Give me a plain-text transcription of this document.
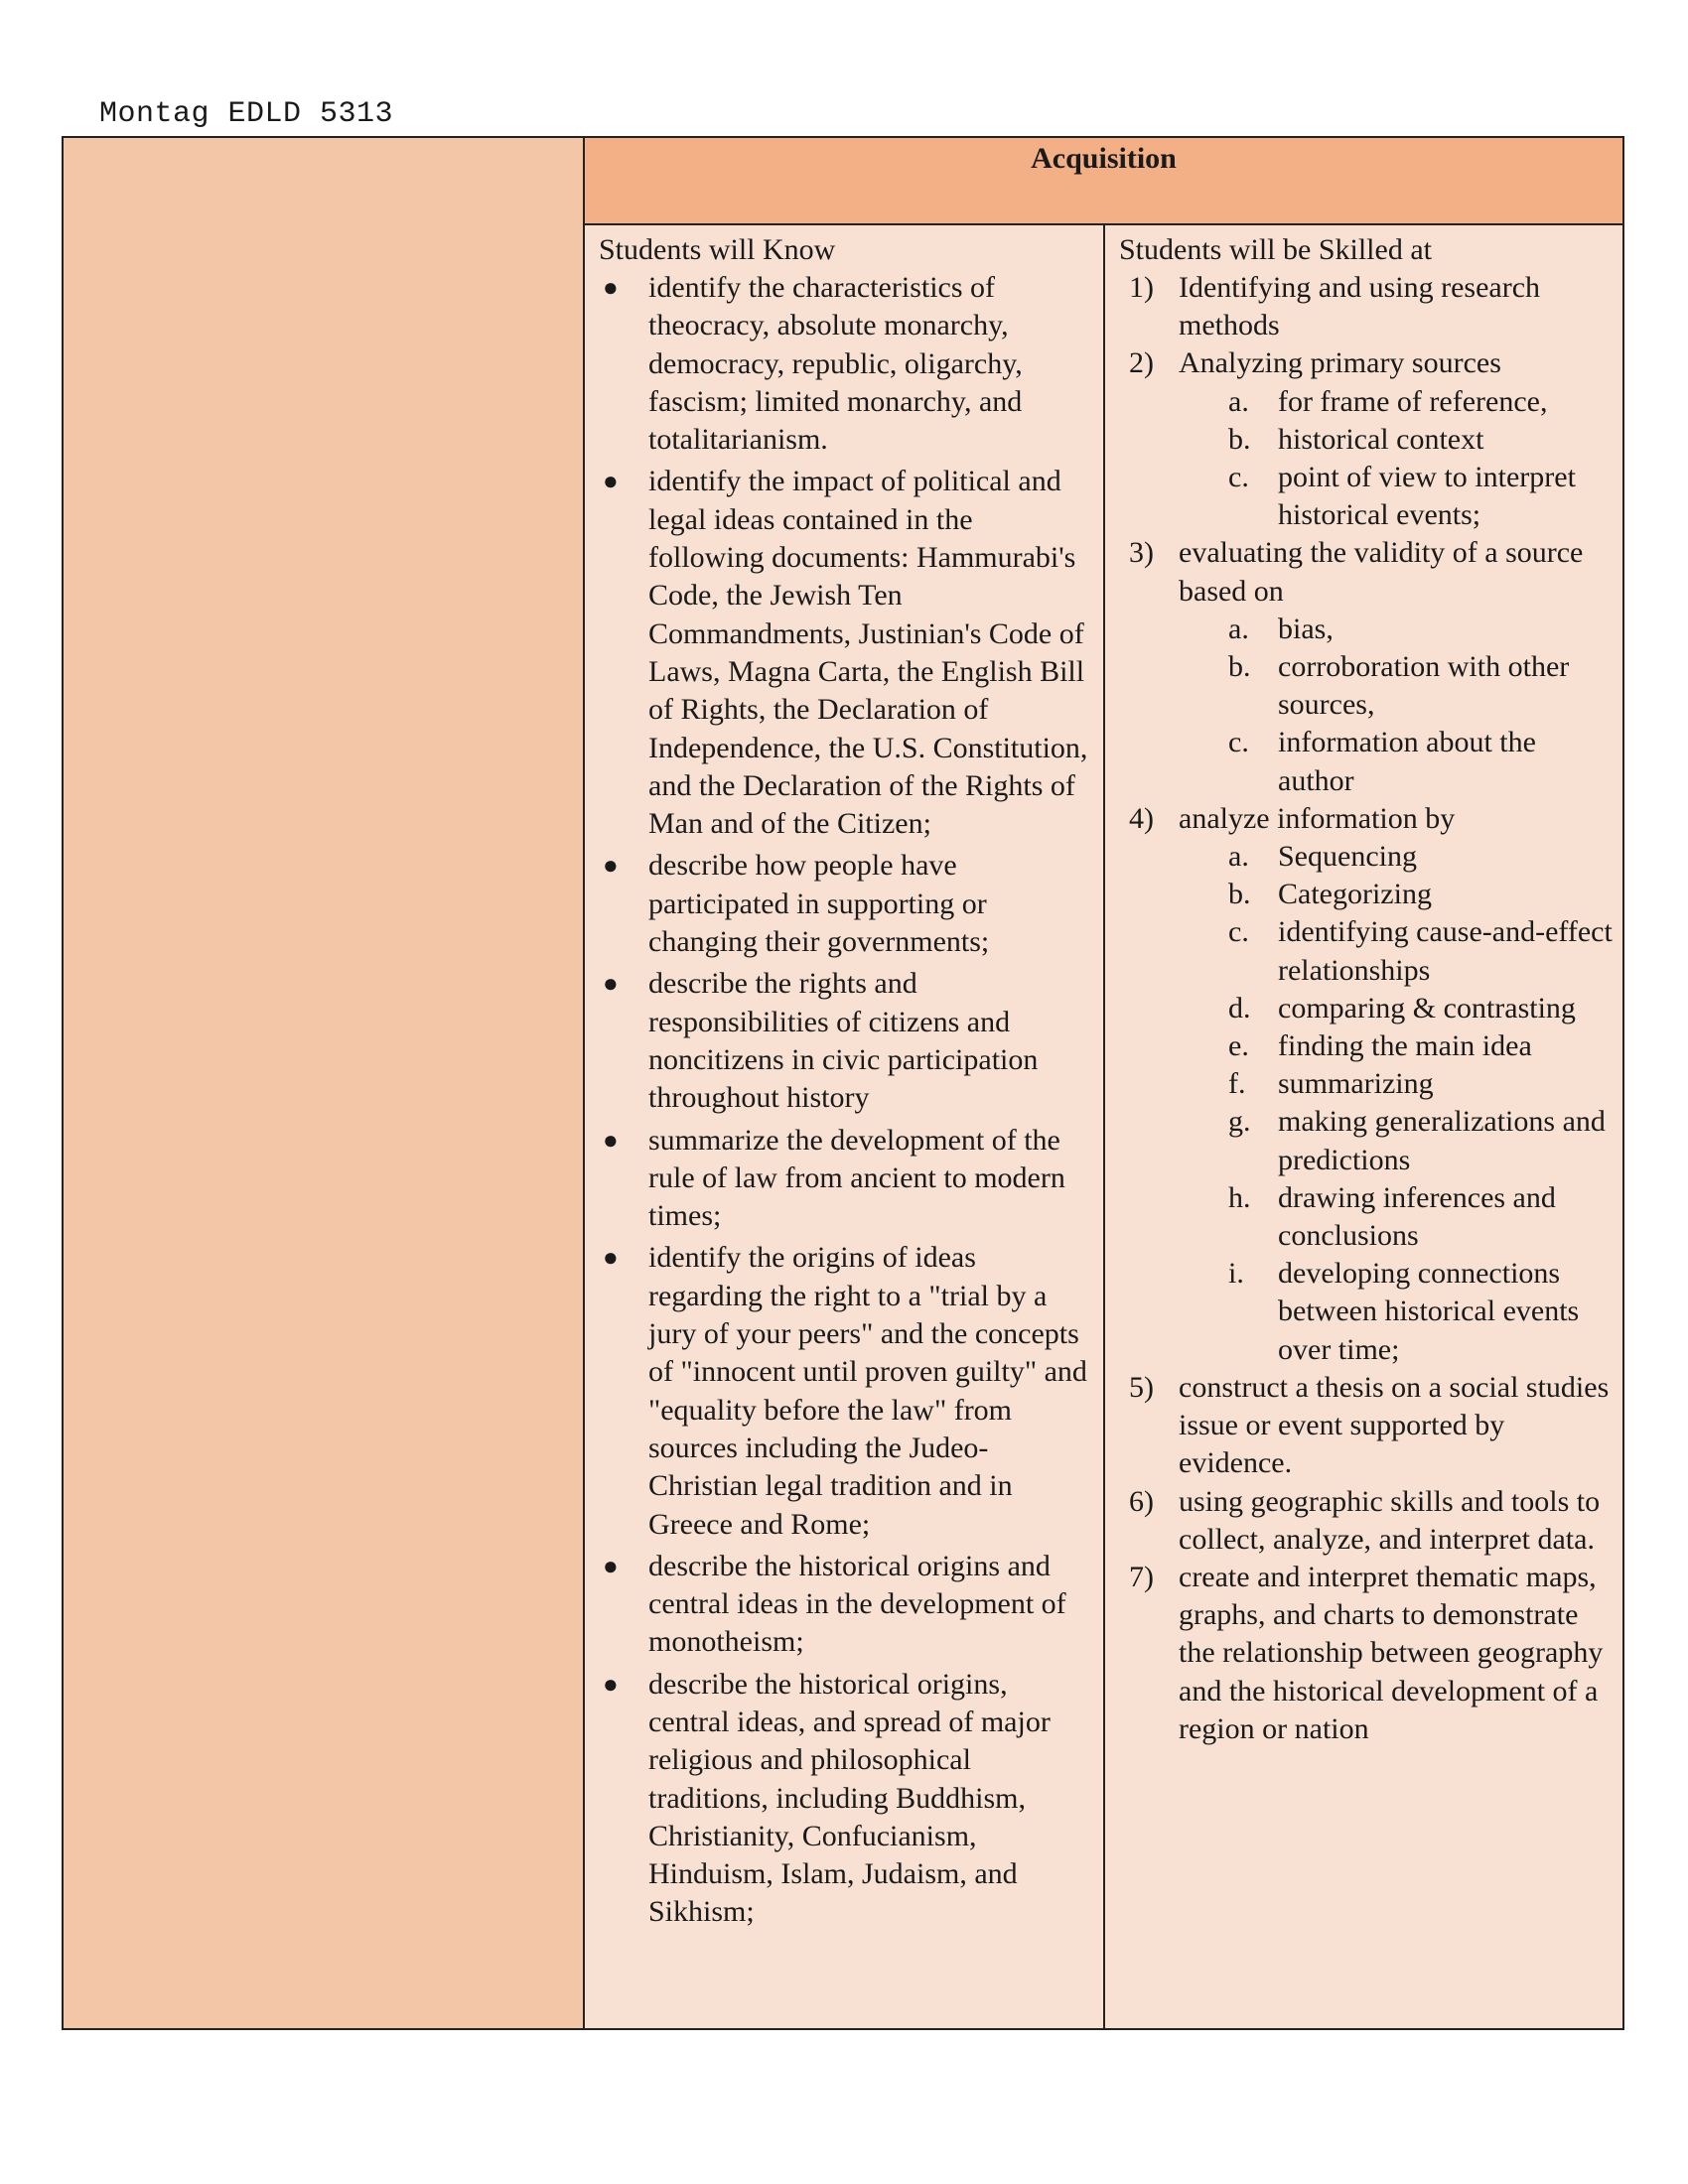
Montag EDLD 5313
Acquisition
Students will Know
● identify the characteristics of theocracy, absolute monarchy, democracy, republic, oligarchy, fascism; limited monarchy, and totalitarianism.
● identify the impact of political and legal ideas contained in the following documents: Hammurabi's Code, the Jewish Ten Commandments, Justinian's Code of Laws, Magna Carta, the English Bill of Rights, the Declaration of Independence, the U.S. Constitution, and the Declaration of the Rights of Man and of the Citizen;
● describe how people have participated in supporting or changing their governments;
● describe the rights and responsibilities of citizens and noncitizens in civic participation throughout history
● summarize the development of the rule of law from ancient to modern times;
● identify the origins of ideas regarding the right to a "trial by a jury of your peers" and the concepts of "innocent until proven guilty" and "equality before the law" from sources including the Judeo-Christian legal tradition and in Greece and Rome;
● describe the historical origins and central ideas in the development of monotheism;
● describe the historical origins, central ideas, and spread of major religious and philosophical traditions, including Buddhism, Christianity, Confucianism, Hinduism, Islam, Judaism, and Sikhism;
Students will be Skilled at
1) Identifying and using research methods
2) Analyzing primary sources
a. for frame of reference,
b. historical context
c. point of view to interpret historical events;
3) evaluating the validity of a source based on
a. bias,
b. corroboration with other sources,
c. information about the author
4) analyze information by
a. Sequencing
b. Categorizing
c. identifying cause-and-effect relationships
d. comparing & contrasting
e. finding the main idea
f. summarizing
g. making generalizations and predictions
h. drawing inferences and conclusions
i. developing connections between historical events over time;
5) construct a thesis on a social studies issue or event supported by evidence.
6) using geographic skills and tools to collect, analyze, and interpret data.
7) create and interpret thematic maps, graphs, and charts to demonstrate the relationship between geography and the historical development of a region or nation
